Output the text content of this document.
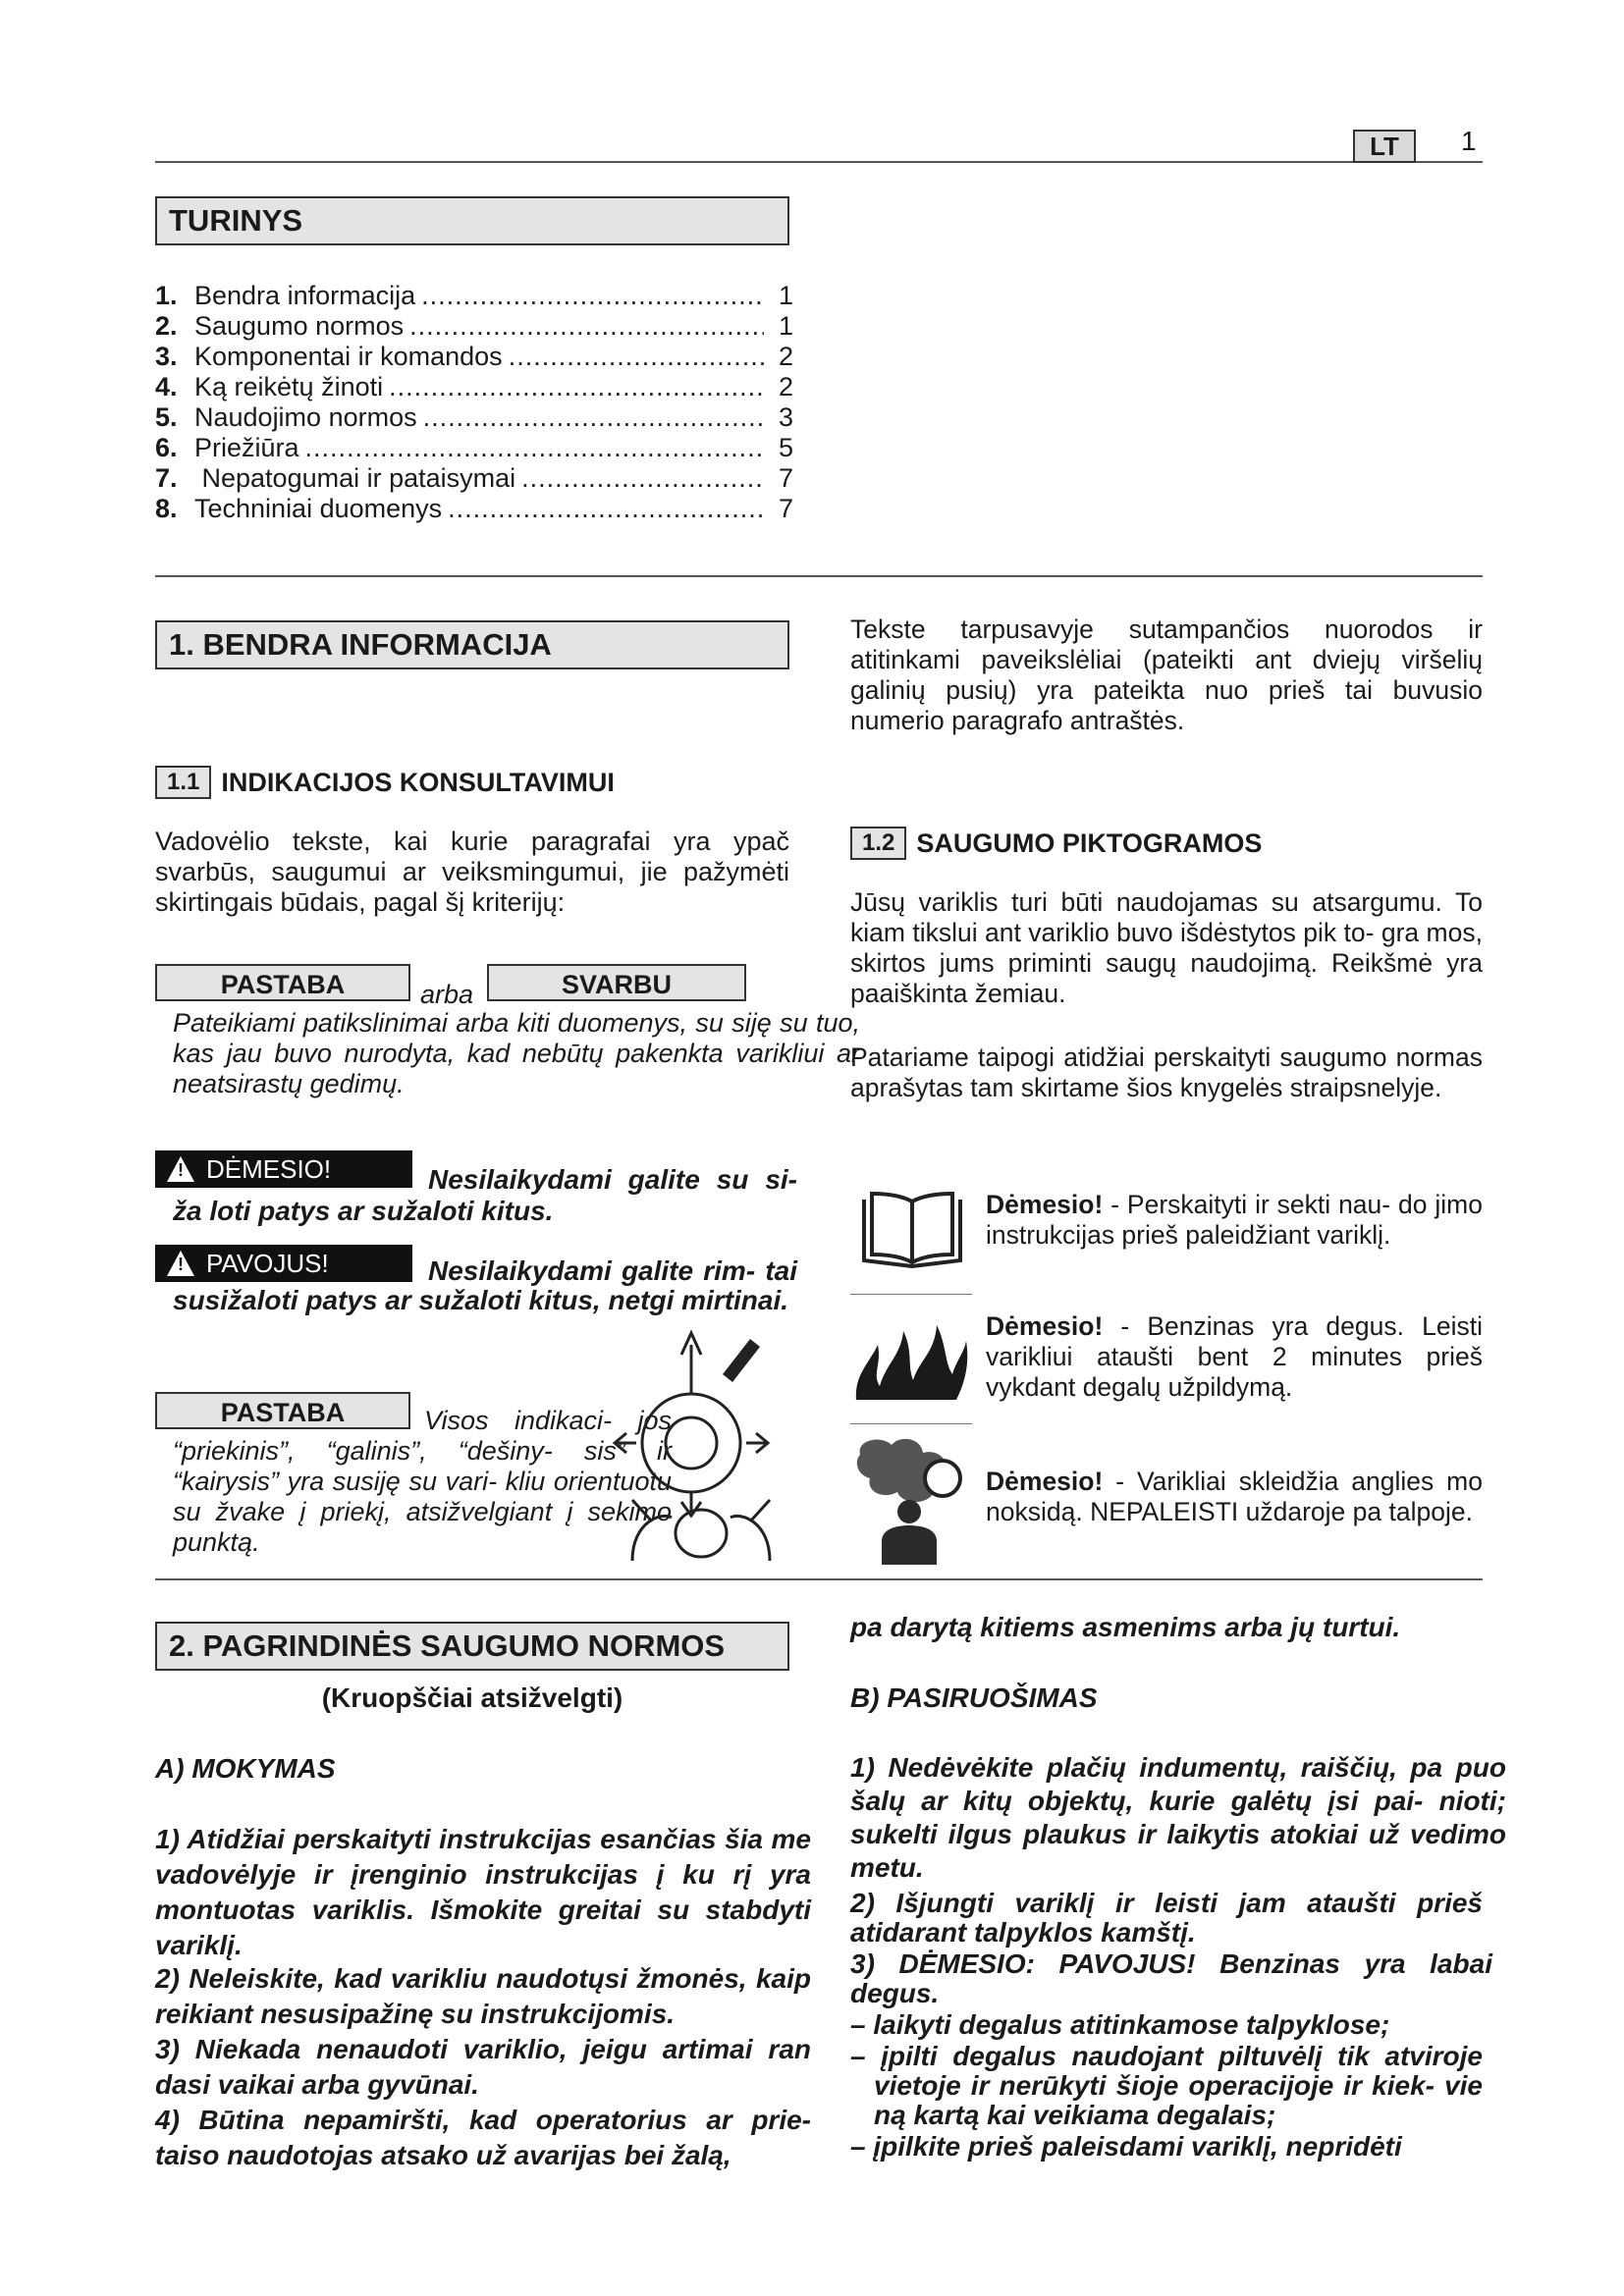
LT	1
TURINYS
1. Bendra informacija .....	1
2. Saugumo normos .....	1
3. Komponentai ir komandos .....	2
4. Ką reikėtų žinoti .....	2
5. Naudojimo normos .....	3
6. Priežiūra .....	5
7. Nepatogumai ir pataisymai .....	7
8. Techniniai duomenys .....	7
1. BENDRA INFORMACIJA	Tekste tarpusavyje sutampančios nuorodos ir atitinkami paveikslėliai (pateikti ant dviejų viršelių galinių pusių) yra pateikta nuo prieš tai buvusio numerio paragrafo antraštės.
1.1 INDIKACIJOS KONSULTAVIMUI
Vadovėlio tekste, kai kurie paragrafai yra ypač svarbūs, saugumui ar veiksmingumui, jie pažymėti skirtingais būdais, pagal šį kriterijų:
PASTABA	arba	SVARBU
Pateikiami patikslinimai arba kiti duomenys, su siję su tuo, kas jau buvo nurodyta, kad nebūtų pakenkta varikliui ar neatsirastų gedimų.
! DĖMESIO!	Nesilaikydami galite su si- ža loti patys ar sužaloti kitus.
! PAVOJUS!	Nesilaikydami galite rim- tai susižaloti patys ar sužaloti kitus, netgi mirtinai.
PASTABA	Visos indikaci- jos “priekinis”, “galinis”, “dešiny- sis” ir “kairysis” yra susiję su vari- kliu orientuotu su žvake į priekį, atsižvelgiant į sekimo punktą.
1.2 SAUGUMO PIKTOGRAMOS
Jūsų variklis turi būti naudojamas su atsargumu. To kiam tikslui ant variklio buvo išdėstytos pik to- gra mos, skirtos jums priminti saugų naudojimą. Reikšmė yra paaiškinta žemiau.
Patariame taipogi atidžiai perskaityti saugumo normas aprašytas tam skirtame šios knygelės straipsnelyje.
Dėmesio! - Perskaityti ir sekti nau- do jimo instrukcijas prieš paleidžiant variklį.
Dėmesio! - Benzinas yra degus. Leisti varikliui ataušti bent 2 minutes prieš vykdant degalų užpildymą.
Dėmesio! - Varikliai skleidžia anglies mo noksidą. NEPALEISTI uždaroje pa talpoje.
2. PAGRINDINĖS SAUGUMO NORMOS
(Kruopščiai atsižvelgti)
A) MOKYMAS
1) Atidžiai perskaityti instrukcijas esančias šia me vadovėlyje ir įrenginio instrukcijas į ku rį yra montuotas variklis. Išmokite greitai su stabdyti variklį.
2) Neleiskite, kad varikliu naudotųsi žmonės, kaip reikiant nesusipažinę su instrukcijomis.
3) Niekada nenaudoti variklio, jeigu artimai ran dasi vaikai arba gyvūnai.
4) Būtina nepamiršti, kad operatorius ar prie- taiso naudotojas atsako už avarijas bei žalą,
pa darytą kitiems asmenims arba jų turtui.
B) PASIRUOŠIMAS
1) Nedėvėkite plačių indumentų, raiščių, pa puo šalų ar kitų objektų, kurie galėtų įsi pai- nioti; sukelti ilgus plaukus ir laikytis atokiai už vedimo metu.
2) Išjungti variklį ir leisti jam ataušti prieš atidarant talpyklos kamštį.
3) DĖMESIO: PAVOJUS! Benzinas yra labai degus.
– laikyti degalus atitinkamose talpyklose;
– įpilti degalus naudojant piltuvėlį tik atviroje vietoje ir nerūkyti šioje operacijoje ir kiek- vie ną kartą kai veikiama degalais;
– įpilkite prieš paleisdami variklį, nepridėti
